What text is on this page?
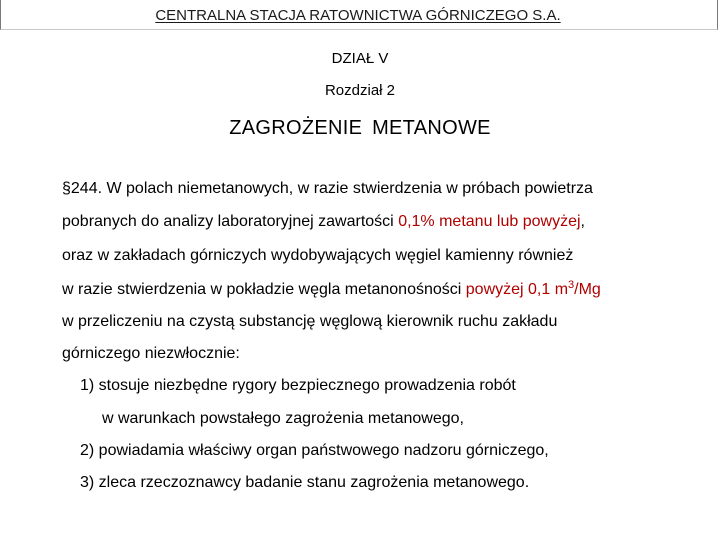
CENTRALNA STACJA RATOWNICTWA GÓRNICZEGO S.A.
DZIAŁ V
Rozdział 2
ZAGROŻENIE METANOWE
§244. W polach niemetanowych, w razie stwierdzenia w próbach powietrza
pobranych do analizy laboratoryjnej zawartości 0,1% metanu lub powyżej,
oraz w zakładach górniczych wydobywających węgiel kamienny również
w razie stwierdzenia w pokładzie węgla metanonośności powyżej 0,1 $m^3/Mg$
w przeliczeniu na czystą substancję węglową kierownik ruchu zakładu
górniczego niezwłocznie:
1) stosuje niezbędne rygory bezpiecznego prowadzenia robót
w warunkach powstałego zagrożenia metanowego,
2) powiadamia właściwy organ państwowego nadzoru górniczego,
3) zleca rzeczoznawcy badanie stanu zagrożenia metanowego.
